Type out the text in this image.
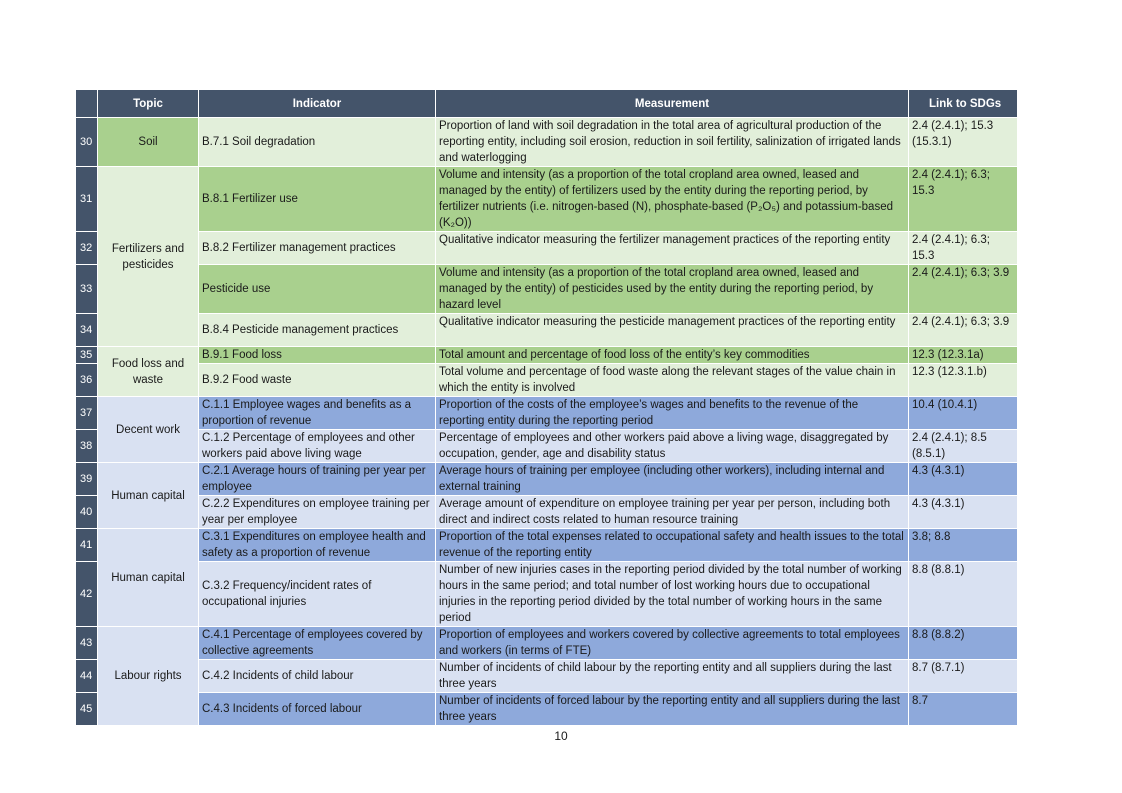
	Topic	Indicator	Measurement	Link to SDGs
30	Soil	B.7.1 Soil degradation	Proportion of land with soil degradation in the total area of agricultural production of the reporting entity, including soil erosion, reduction in soil fertility, salinization of irrigated lands and waterlogging	2.4 (2.4.1); 15.3 (15.3.1)
31	Fertilizers and pesticides	B.8.1 Fertilizer use	Volume and intensity (as a proportion of the total cropland area owned, leased and managed by the entity) of fertilizers used by the entity during the reporting period, by fertilizer nutrients (i.e. nitrogen-based (N), phosphate-based (P₂O₅) and potassium-based (K₂O))	2.4 (2.4.1); 6.3; 15.3
32		B.8.2 Fertilizer management practices	Qualitative indicator measuring the fertilizer management practices of the reporting entity	2.4 (2.4.1); 6.3; 15.3
33		Pesticide use	Volume and intensity (as a proportion of the total cropland area owned, leased and managed by the entity) of pesticides used by the entity during the reporting period, by hazard level	2.4 (2.4.1); 6.3; 3.9
34		B.8.4 Pesticide management practices	Qualitative indicator measuring the pesticide management practices of the reporting entity	2.4 (2.4.1); 6.3; 3.9
35	Food loss and waste	B.9.1 Food loss	Total amount and percentage of food loss of the entity’s key commodities	12.3 (12.3.1a)
36		B.9.2 Food waste	Total volume and percentage of food waste along the relevant stages of the value chain in which the entity is involved	12.3 (12.3.1.b)
37	Decent work	C.1.1 Employee wages and benefits as a proportion of revenue	Proportion of the costs of the employee’s wages and benefits to the revenue of the reporting entity during the reporting period	10.4 (10.4.1)
38		C.1.2 Percentage of employees and other workers paid above living wage	Percentage of employees and other workers paid above a living wage, disaggregated by occupation, gender, age and disability status	2.4 (2.4.1); 8.5 (8.5.1)
39	Human capital	C.2.1 Average hours of training per year per employee	Average hours of training per employee (including other workers), including internal and external training	4.3 (4.3.1)
40		C.2.2 Expenditures on employee training per year per employee	Average amount of expenditure on employee training per year per person, including both direct and indirect costs related to human resource training	4.3 (4.3.1)
41	Human capital	C.3.1 Expenditures on employee health and safety as a proportion of revenue	Proportion of the total expenses related to occupational safety and health issues to the total revenue of the reporting entity	3.8; 8.8
42		C.3.2 Frequency/incident rates of occupational injuries	Number of new injuries cases in the reporting period divided by the total number of working hours in the same period; and total number of lost working hours due to occupational injuries in the reporting period divided by the total number of working hours in the same period	8.8 (8.8.1)
43	Labour rights	C.4.1 Percentage of employees covered by collective agreements	Proportion of employees and workers covered by collective agreements to total employees and workers (in terms of FTE)	8.8 (8.8.2)
44		C.4.2 Incidents of child labour	Number of incidents of child labour by the reporting entity and all suppliers during the last three years	8.7 (8.7.1)
45		C.4.3 Incidents of forced labour	Number of incidents of forced labour by the reporting entity and all suppliers during the last three years	8.7
10
